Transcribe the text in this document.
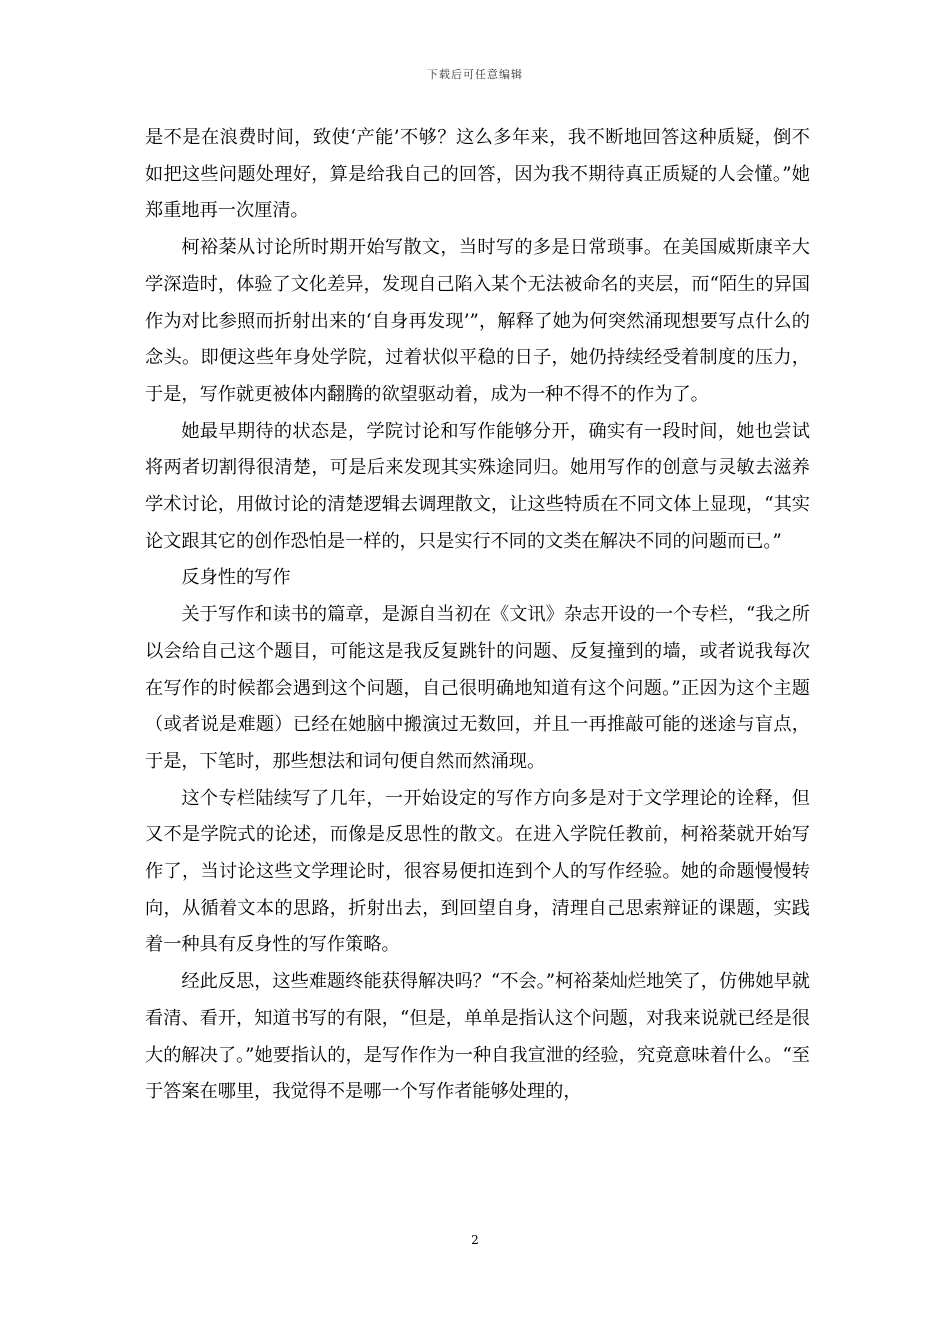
下载后可任意编辑

是不是在浪费时间，致使‘产能’不够？这么多年来，我不断地回答这种质疑，倒不如把这些问题处理好，算是给我自己的回答，因为我不期待真正质疑的人会懂。”她郑重地再一次厘清。

柯裕棻从讨论所时期开始写散文，当时写的多是日常琐事。在美国威斯康辛大学深造时，体验了文化差异，发现自己陷入某个无法被命名的夹层，而“陌生的异国作为对比参照而折射出来的‘自身再发现’”，解释了她为何突然涌现想要写点什么的念头。即便这些年身处学院，过着状似平稳的日子，她仍持续经受着制度的压力，于是，写作就更被体内翻腾的欲望驱动着，成为一种不得不的作为了。

她最早期待的状态是，学院讨论和写作能够分开，确实有一段时间，她也尝试将两者切割得很清楚，可是后来发现其实殊途同归。她用写作的创意与灵敏去滋养学术讨论，用做讨论的清楚逻辑去调理散文，让这些特质在不同文体上显现，“其实论文跟其它的创作恐怕是一样的，只是实行不同的文类在解决不同的问题而已。”

反身性的写作

关于写作和读书的篇章，是源自当初在《文讯》杂志开设的一个专栏，“我之所以会给自己这个题目，可能这是我反复跳针的问题、反复撞到的墙，或者说我每次在写作的时候都会遇到这个问题，自己很明确地知道有这个问题。”正因为这个主题（或者说是难题）已经在她脑中搬演过无数回，并且一再推敲可能的迷途与盲点，于是，下笔时，那些想法和词句便自然而然涌现。

这个专栏陆续写了几年，一开始设定的写作方向多是对于文学理论的诠释，但又不是学院式的论述，而像是反思性的散文。在进入学院任教前，柯裕棻就开始写作了，当讨论这些文学理论时，很容易便扣连到个人的写作经验。她的命题慢慢转向，从循着文本的思路，折射出去，到回望自身，清理自己思索辩证的课题，实践着一种具有反身性的写作策略。

经此反思，这些难题终能获得解决吗？“不会。”柯裕棻灿烂地笑了，仿佛她早就看清、看开，知道书写的有限，“但是，单单是指认这个问题，对我来说就已经是很大的解决了。”她要指认的，是写作作为一种自我宣泄的经验，究竟意味着什么。“至于答案在哪里，我觉得不是哪一个写作者能够处理的，

2
